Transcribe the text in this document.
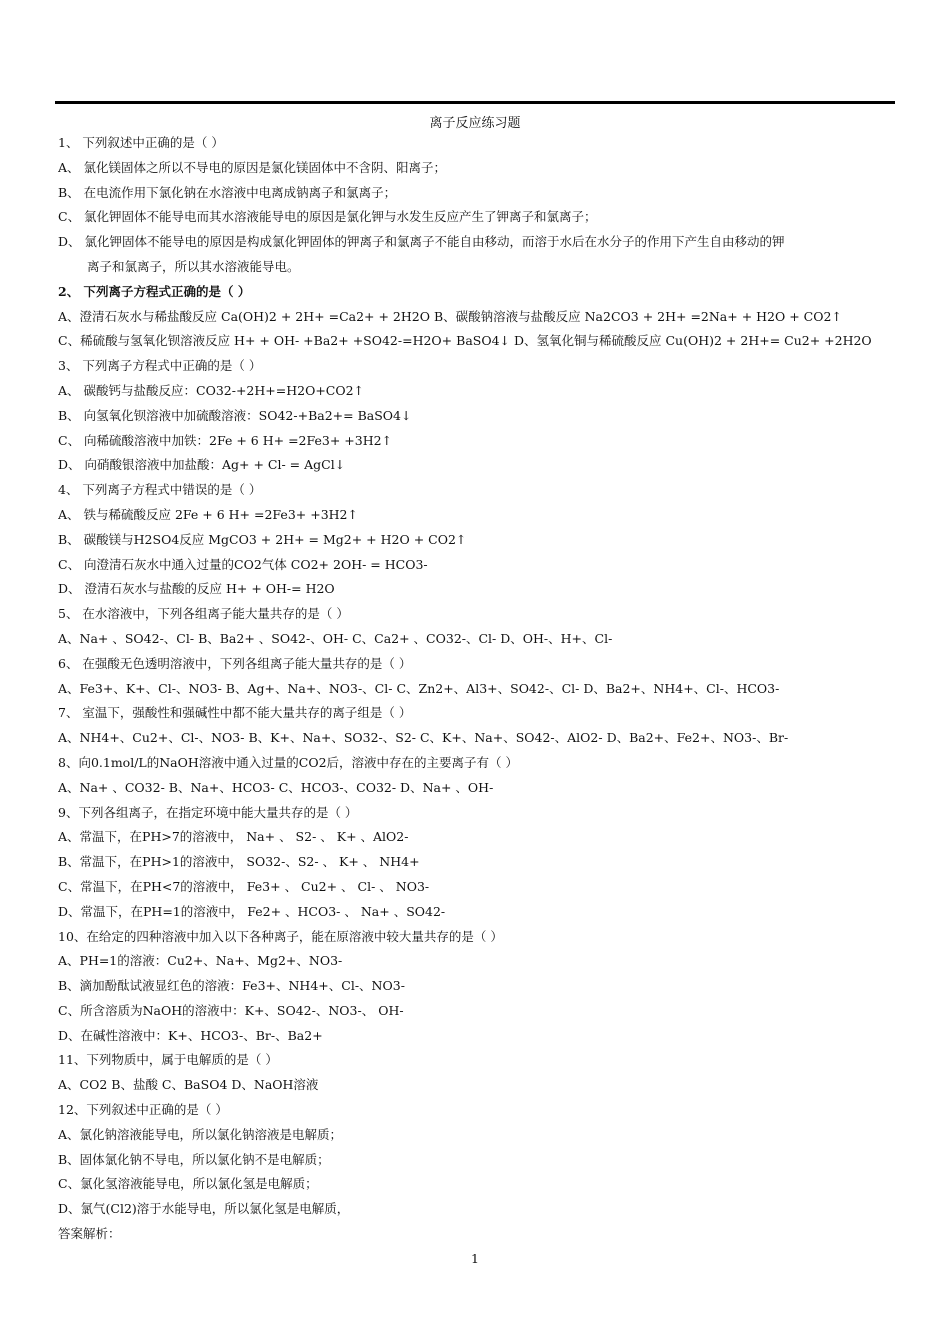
离子反应练习题
1、 下列叙述中正确的是（ ）
A、 氯化镁固体之所以不导电的原因是氯化镁固体中不含阴、阳离子；
B、 在电流作用下氯化钠在水溶液中电离成钠离子和氯离子；
C、 氯化钾固体不能导电而其水溶液能导电的原因是氯化钾与水发生反应产生了钾离子和氯离子；
D、 氯化钾固体不能导电的原因是构成氯化钾固体的钾离子和氯离子不能自由移动，而溶于水后在水分子的作用下产生自由移动的钾
离子和氯离子，所以其水溶液能导电。
2、 下列离子方程式正确的是（ ）
A、澄清石灰水与稀盐酸反应 Ca(OH)2 + 2H+ =Ca2+ + 2H2O B、碳酸钠溶液与盐酸反应 Na2CO3 + 2H+ =2Na+ + H2O + CO2↑
C、稀硫酸与氢氧化钡溶液反应 H+ + OH- +Ba2+ +SO42-=H2O+ BaSO4↓ D、氢氧化铜与稀硫酸反应 Cu(OH)2 + 2H+= Cu2+ +2H2O
3、 下列离子方程式中正确的是（ ）
A、 碳酸钙与盐酸反应：CO32-+2H+=H2O+CO2↑
B、 向氢氧化钡溶液中加硫酸溶液：SO42-+Ba2+= BaSO4↓
C、 向稀硫酸溶液中加铁：2Fe + 6 H+ =2Fe3+ +3H2↑
D、 向硝酸银溶液中加盐酸：Ag+ + Cl- = AgCl↓
4、 下列离子方程式中错误的是（ ）
A、 铁与稀硫酸反应 2Fe + 6 H+ =2Fe3+ +3H2↑
B、 碳酸镁与H2SO4反应 MgCO3 + 2H+ = Mg2+ + H2O + CO2↑
C、 向澄清石灰水中通入过量的CO2气体 CO2+ 2OH- = HCO3-
D、 澄清石灰水与盐酸的反应 H+ + OH-= H2O
5、 在水溶液中，下列各组离子能大量共存的是（ ）
A、Na+ 、SO42-、Cl- B、Ba2+ 、SO42-、OH- C、Ca2+ 、CO32-、Cl- D、OH-、H+、Cl-
6、 在强酸无色透明溶液中，下列各组离子能大量共存的是（ ）
A、Fe3+、K+、Cl-、NO3- B、Ag+、Na+、NO3-、Cl- C、Zn2+、Al3+、SO42-、Cl- D、Ba2+、NH4+、Cl-、HCO3-
7、 室温下，强酸性和强碱性中都不能大量共存的离子组是（ ）
A、NH4+、Cu2+、Cl-、NO3- B、K+、Na+、SO32-、S2- C、K+、Na+、SO42-、AlO2- D、Ba2+、Fe2+、NO3-、Br-
8、向0.1mol/L的NaOH溶液中通入过量的CO2后，溶液中存在的主要离子有（ ）
A、Na+ 、CO32- B、Na+、HCO3- C、HCO3-、CO32- D、Na+ 、OH-
9、下列各组离子，在指定环境中能大量共存的是（ ）
A、常温下，在PH>7的溶液中， Na+ 、 S2- 、 K+ 、AlO2-
B、常温下，在PH>1的溶液中， SO32-、S2- 、 K+ 、 NH4+
C、常温下，在PH<7的溶液中， Fe3+ 、 Cu2+ 、 Cl- 、 NO3-
D、常温下，在PH=1的溶液中， Fe2+ 、HCO3- 、 Na+ 、SO42-
10、在给定的四种溶液中加入以下各种离子，能在原溶液中较大量共存的是（ ）
A、PH=1的溶液：Cu2+、Na+、Mg2+、NO3-
B、滴加酚酞试液显红色的溶液：Fe3+、NH4+、Cl-、NO3-
C、所含溶质为NaOH的溶液中：K+、SO42-、NO3-、 OH-
D、在碱性溶液中：K+、HCO3-、Br-、Ba2+
11、下列物质中，属于电解质的是（ ）
A、CO2 B、盐酸 C、BaSO4 D、NaOH溶液
12、下列叙述中正确的是（ ）
A、氯化钠溶液能导电，所以氯化钠溶液是电解质；
B、固体氯化钠不导电，所以氯化钠不是电解质；
C、氯化氢溶液能导电，所以氯化氢是电解质；
D、氯气(Cl2)溶于水能导电，所以氯化氢是电解质，
答案解析：
1
